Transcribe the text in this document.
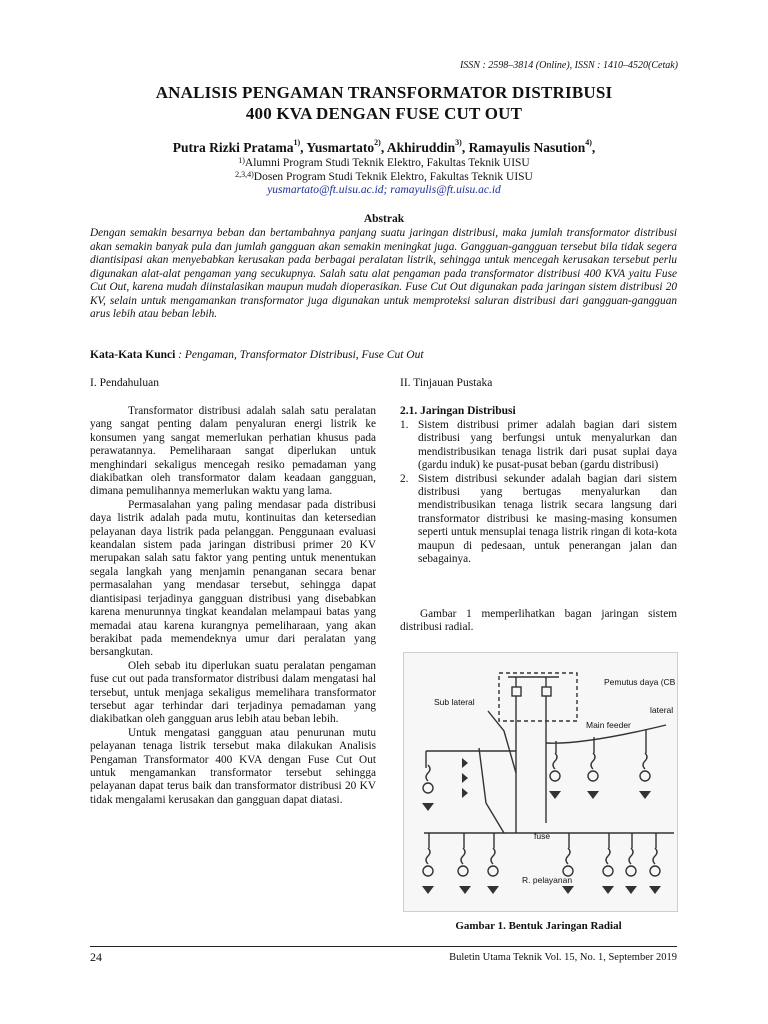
ISSN : 2598–3814 (Online), ISSN : 1410–4520(Cetak)
ANALISIS PENGAMAN TRANSFORMATOR DISTRIBUSI
400 KVA DENGAN FUSE CUT OUT
Putra Rizki Pratama$^{1)}$, Yusmartato$^{2)}$, Akhiruddin$^{3)}$, Ramayulis Nasution$^{4)}$,
$^{1)}$Alumni Program Studi Teknik Elektro, Fakultas Teknik UISU
$^{2,3,4)}$Dosen Program Studi Teknik Elektro, Fakultas Teknik UISU
yusmartato@ft.uisu.ac.id; ramayulis@ft.uisu.ac.id
Abstrak
Dengan semakin besarnya beban dan bertambahnya panjang suatu jaringan distribusi, maka jumlah transformator distribusi akan semakin banyak pula dan jumlah gangguan akan semakin meningkat juga. Gangguan-gangguan tersebut bila tidak segera diantisipasi akan menyebabkan kerusakan pada berbagai peralatan listrik, sehingga untuk mencegah kerusakan tersebut perlu digunakan alat-alat pengaman yang secukupnya. Salah satu alat pengaman pada transformator distribusi 400 KVA yaitu Fuse Cut Out, karena mudah diinstalasikan maupun mudah dioperasikan. Fuse Cut Out digunakan pada jaringan sistem distribusi 20 KV, selain untuk mengamankan transformator juga digunakan untuk memproteksi saluran distribusi dari gangguan-gangguan arus lebih atau beban lebih.
Kata-Kata Kunci : Pengaman, Transformator Distribusi, Fuse Cut Out
I. Pendahuluan

Transformator distribusi adalah salah satu peralatan yang sangat penting dalam penyaluran energi listrik ke konsumen yang sangat memerlukan perhatian khusus pada perawatannya. Pemeliharaan sangat diperlukan untuk menghindari sekaligus mencegah resiko pemadaman yang diakibatkan oleh transformator dalam keadaan gangguan, dimana pemulihannya memerlukan waktu yang lama.

Permasalahan yang paling mendasar pada distribusi daya listrik adalah pada mutu, kontinuitas dan ketersedian pelayanan daya listrik pada pelanggan. Penggunaan evaluasi keandalan sistem pada jaringan distribusi primer 20 KV merupakan salah satu faktor yang penting untuk menentukan segala langkah yang menjamin penanganan secara benar permasalahan yang mendasar tersebut, sehingga dapat diantisipasi terjadinya gangguan distribusi yang disebabkan karena menurunnya tingkat keandalan melampaui batas yang memadai atau karena kurangnya pemeliharaan, yang akan berakibat pada memendeknya umur dari peralatan yang bersangkutan.

Oleh sebab itu diperlukan suatu peralatan pengaman fuse cut out pada transformator distribusi dalam mengatasi hal tersebut, untuk menjaga sekaligus memelihara transformator tersebut agar terhindar dari terjadinya pemadaman yang diakibatkan oleh gangguan arus lebih atau beban lebih.

Untuk mengatasi gangguan atau penurunan mutu pelayanan tenaga listrik tersebut maka dilakukan Analisis Pengaman Transformator 400 KVA dengan Fuse Cut Out untuk mengamankan transformator tersebut sehingga pelayanan dapat terus baik dan transformator distribusi 20 KV tidak mengalami kerusakan dan gangguan dapat diatasi.

II. Tinjauan Pustaka
2.1. Jaringan Distribusi
1. Sistem distribusi primer adalah bagian dari sistem distribusi yang berfungsi untuk menyalurkan dan mendistribusikan tenaga listrik dari pusat suplai daya (gardu induk) ke pusat-pusat beban (gardu distribusi)
2. Sistem distribusi sekunder adalah bagian dari sistem distribusi yang bertugas menyalurkan dan mendistribusikan tenaga listrik secara langsung dari transformator distribusi ke masing-masing konsumen seperti untuk mensuplai tenaga listrik ringan di kota-kota maupun di pedesaan, untuk penerangan jalan dan sebagainya.
Gambar 1 memperlihatkan bagan jaringan sistem distribusi radial.
Pemutus daya (CB
Sub lateral
lateral
Main feeder
fuse
R. pelayanan
Gambar 1. Bentuk Jaringan Radial
24	Buletin Utama Teknik Vol. 15, No. 1, September 2019
